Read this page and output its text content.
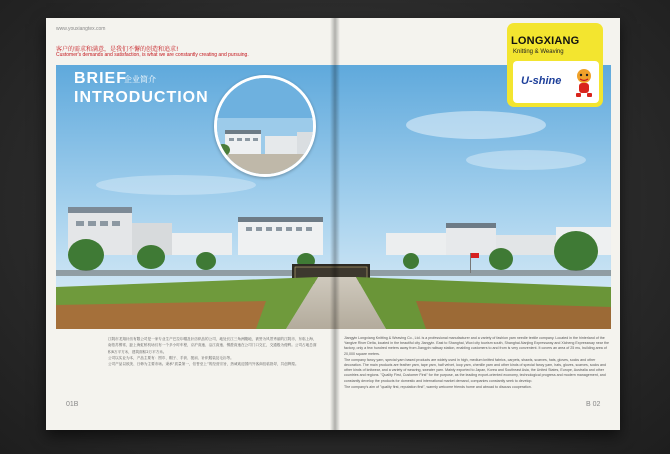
www.youxiangtex.com
客户的需求和满意，是我们不懈的创造和追求!
Customer's demands and satisfaction, is what we are constantly creating and pursuing.
BRIEF
企业简介
INTRODUCTION
LONGXIANG
Knitting & Weaving
U-shine

江阴市龙翔针纺有限公司是一家专业生产巴拉尔帽及针纺织品的公司，地处长江三角洲腹地，被誉为风景秀丽的江阴市，东临上海，南依苏锡常，距上海虹桥机场仅有一个多小时车程，京沪高速、沿江高速、锡澄高速在公司门口交汇，交通极为便利。公司占地总面积8万平方米，建筑面积2万平方米。

公司以实业为本，产品主要有：围巾、帽子、手套、披肩、针织服装及毛衫等。

公司产品以欧美、日韩为主要市场。秉承“质量第一，信誉至上”的经营宗旨，热诚欢迎国内外客商莅临指导，共创辉煌。

Jiangyin Longxiang Knitting & Weaving Co., Ltd. is a professional manufacturer and a variety of fashion yarn needle textile company. Located in the hinterland of the Yangtze River Delta, located in the beautiful city Jiangyin. East to Shanghai, Wuxi city tourism south, Shanghai-Nanjing Expressway and Xicheng Expressway near the factory, only a few hundred meters away from Jiangyin railway station, enabling customers to and from is very convenient. It covers an area of 25 mu, building area of 20,000 square meters.

The company fancy yarn, special yarn based products are widely used in high, medium knitted fabrics, carpets, shawls, scarves, hats, gloves, socks and other decoration. The main products are feather yarn, tape yarn, half velvet, loop yarn, chenille yarn and other kinds of special fancy yarn, hats, gloves, scarves, socks and other kinds of knitwear, and a variety of weaving, sweater yarn. Mainly exported to Japan, Korea and Southeast Asia, the United States, Europe, Australia and other countries and regions. "Quality First, Customer First" for the purpose, as the leading export-oriented economy, technological progress and modern management, and constantly develop the products for domestic and international market demand, companies constantly seek to develop.

The company's aim of "quality first, reputation first", warmly welcome friends home and abroad to discuss cooperation.

01B	B 02
